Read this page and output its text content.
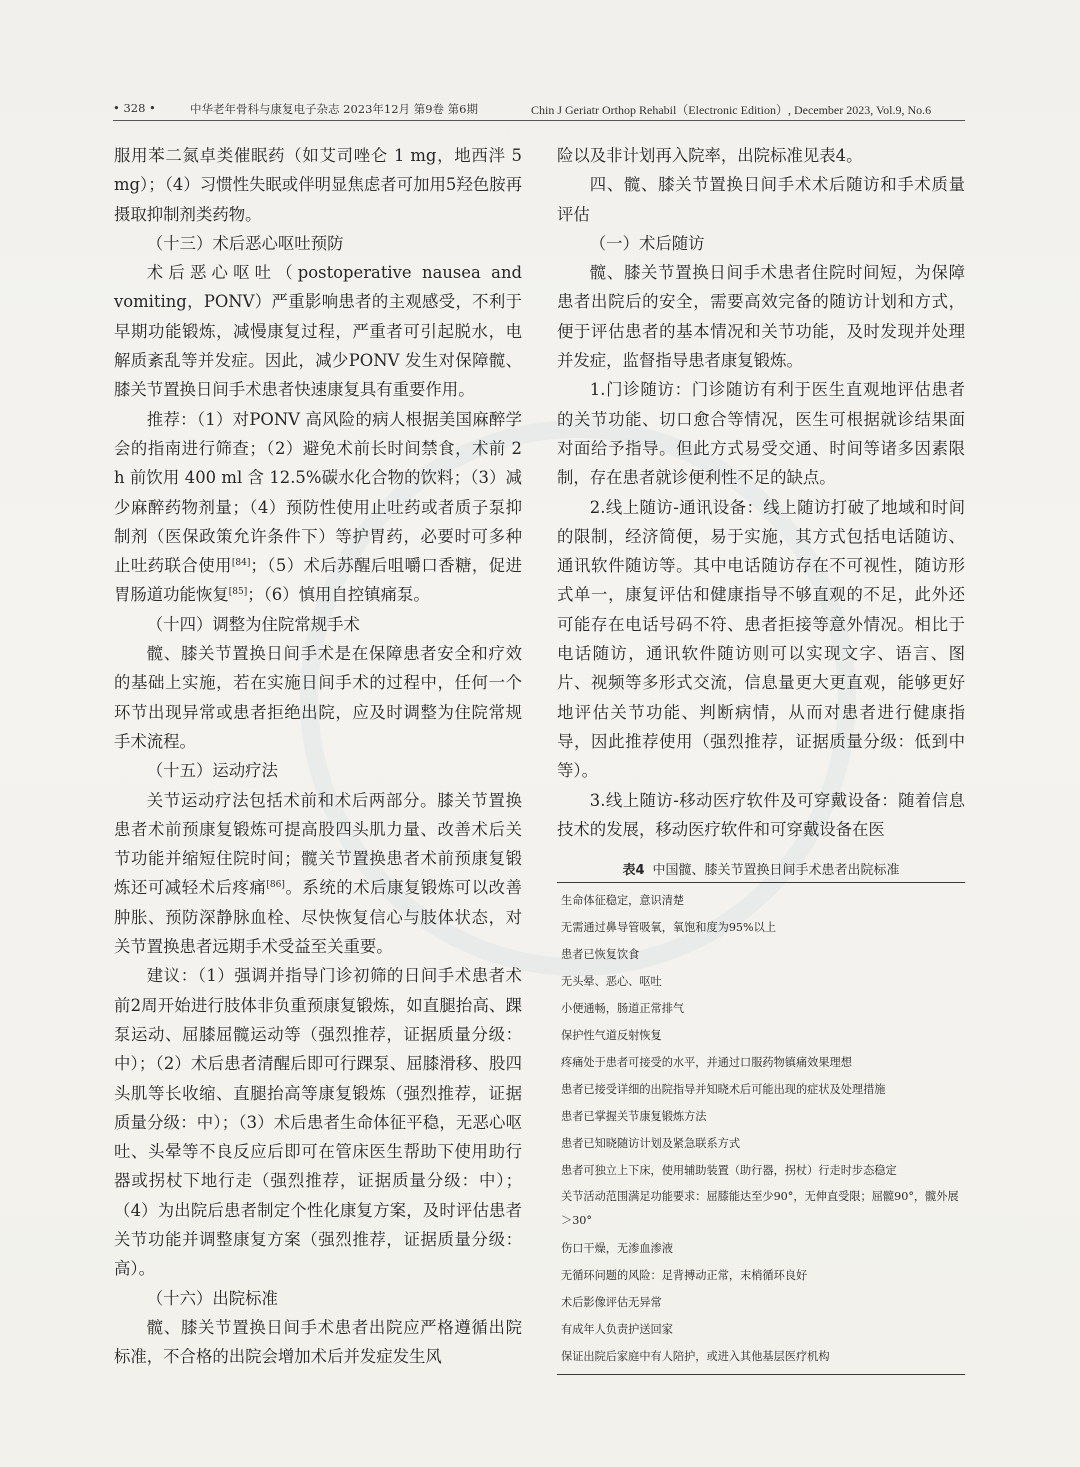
• 328 •	中华老年骨科与康复电子杂志 2023年12月 第9卷 第6期	Chin J Geriatr Orthop Rehabil（Electronic Edition）, December 2023, Vol.9, No.6

服用苯二氮卓类催眠药（如艾司唑仑 1 mg，地西泮 5 mg）；（4）习惯性失眠或伴明显焦虑者可加用5羟色胺再摄取抑制剂类药物。

（十三）术后恶心呕吐预防

术后恶心呕吐（postoperative nausea and vomiting，PONV）严重影响患者的主观感受，不利于早期功能锻炼，减慢康复过程，严重者可引起脱水，电解质紊乱等并发症。因此，减少PONV 发生对保障髋、膝关节置换日间手术患者快速康复具有重要作用。

推荐：（1）对PONV 高风险的病人根据美国麻醉学会的指南进行筛查；（2）避免术前长时间禁食，术前 2 h 前饮用 400 ml 含 12.5%碳水化合物的饮料；（3）减少麻醉药物剂量；（4）预防性使用止吐药或者质子泵抑制剂（医保政策允许条件下）等护胃药，必要时可多种止吐药联合使用[84]；（5）术后苏醒后咀嚼口香糖，促进胃肠道功能恢复[85]；（6）慎用自控镇痛泵。

（十四）调整为住院常规手术

髋、膝关节置换日间手术是在保障患者安全和疗效的基础上实施，若在实施日间手术的过程中，任何一个环节出现异常或患者拒绝出院，应及时调整为住院常规手术流程。

（十五）运动疗法

关节运动疗法包括术前和术后两部分。膝关节置换患者术前预康复锻炼可提高股四头肌力量、改善术后关节功能并缩短住院时间；髋关节置换患者术前预康复锻炼还可减轻术后疼痛[86]。系统的术后康复锻炼可以改善肿胀、预防深静脉血栓、尽快恢复信心与肢体状态，对关节置换患者远期手术受益至关重要。

建议：（1）强调并指导门诊初筛的日间手术患者术前2周开始进行肢体非负重预康复锻炼，如直腿抬高、踝泵运动、屈膝屈髋运动等（强烈推荐，证据质量分级：中）；（2）术后患者清醒后即可行踝泵、屈膝滑移、股四头肌等长收缩、直腿抬高等康复锻炼（强烈推荐，证据质量分级：中）；（3）术后患者生命体征平稳，无恶心呕吐、头晕等不良反应后即可在管床医生帮助下使用助行器或拐杖下地行走（强烈推荐，证据质量分级：中）；（4）为出院后患者制定个性化康复方案，及时评估患者关节功能并调整康复方案（强烈推荐，证据质量分级：高）。

（十六）出院标准

髋、膝关节置换日间手术患者出院应严格遵循出院标准，不合格的出院会增加术后并发症发生风

险以及非计划再入院率，出院标准见表4。

四、髋、膝关节置换日间手术术后随访和手术质量评估

（一）术后随访

髋、膝关节置换日间手术患者住院时间短，为保障患者出院后的安全，需要高效完备的随访计划和方式，便于评估患者的基本情况和关节功能，及时发现并处理并发症，监督指导患者康复锻炼。

1.门诊随访：门诊随访有利于医生直观地评估患者的关节功能、切口愈合等情况，医生可根据就诊结果面对面给予指导。但此方式易受交通、时间等诸多因素限制，存在患者就诊便利性不足的缺点。

2.线上随访-通讯设备：线上随访打破了地域和时间的限制，经济简便，易于实施，其方式包括电话随访、通讯软件随访等。其中电话随访存在不可视性，随访形式单一，康复评估和健康指导不够直观的不足，此外还可能存在电话号码不符、患者拒接等意外情况。相比于电话随访，通讯软件随访则可以实现文字、语言、图片、视频等多形式交流，信息量更大更直观，能够更好地评估关节功能、判断病情，从而对患者进行健康指导，因此推荐使用（强烈推荐，证据质量分级：低到中等）。

3.线上随访-移动医疗软件及可穿戴设备：随着信息技术的发展，移动医疗软件和可穿戴设备在医

表4 中国髋、膝关节置换日间手术患者出院标准
生命体征稳定，意识清楚
无需通过鼻导管吸氧，氧饱和度为95%以上
患者已恢复饮食
无头晕、恶心、呕吐
小便通畅，肠道正常排气
保护性气道反射恢复
疼痛处于患者可接受的水平，并通过口服药物镇痛效果理想
患者已接受详细的出院指导并知晓术后可能出现的症状及处理措施
患者已掌握关节康复锻炼方法
患者已知晓随访计划及紧急联系方式
患者可独立上下床，使用辅助装置（助行器，拐杖）行走时步态稳定
关节活动范围满足功能要求：屈膝能达至少90°，无伸直受限；屈髋90°，髋外展＞30°
伤口干燥，无渗血渗液
无循环问题的风险：足背搏动正常，末梢循环良好
术后影像评估无异常
有成年人负责护送回家
保证出院后家庭中有人陪护，或进入其他基层医疗机构
